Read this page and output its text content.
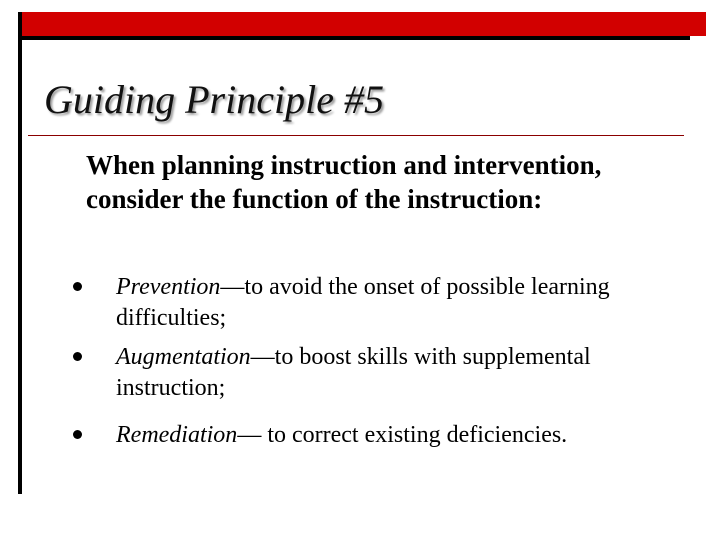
Guiding Principle #5
When planning instruction and intervention, consider the function of the instruction:
Prevention—to avoid the onset of possible learning difficulties;
Augmentation—to boost skills with supplemental instruction;
Remediation— to correct existing deficiencies.
